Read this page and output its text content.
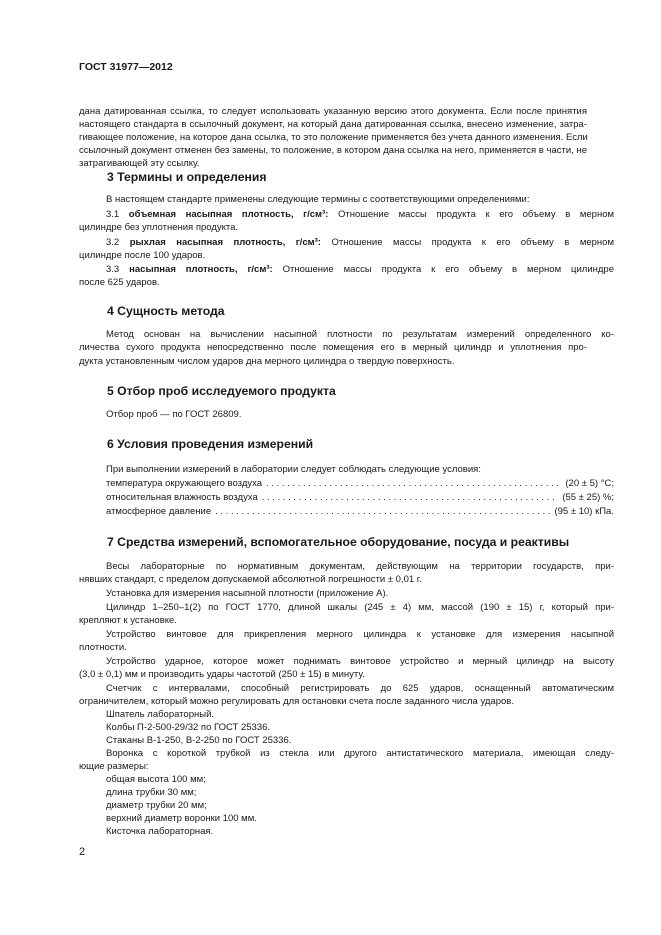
ГОСТ 31977—2012
дана датированная ссылка, то следует использовать указанную версию этого документа. Если после принятия
настоящего стандарта в ссылочный документ, на который дана датированная ссылка, внесено изменение, затра-
гивающее положение, на которое дана ссылка, то это положение применяется без учета данного изменения. Если
ссылочный документ отменен без замены, то положение, в котором дана ссылка на него, применяется в части, не
затрагивающей эту ссылку.
3 Термины и определения
В настоящем стандарте применены следующие термины с соответствующими определениями:
3.1 объемная насыпная плотность, г/см³: Отношение массы продукта к его объему в мерном
цилиндре без уплотнения продукта.
3.2 рыхлая насыпная плотность, г/см³: Отношение массы продукта к его объему в мерном
цилиндре после 100 ударов.
3.3 насыпная плотность, г/см³: Отношение массы продукта к его объему в мерном цилиндре
после 625 ударов.
4 Сущность метода
Метод основан на вычислении насыпной плотности по результатам измерений определенного ко-
личества сухого продукта непосредственно после помещения его в мерный цилиндр и уплотнения про-
дукта установленным числом ударов дна мерного цилиндра о твердую поверхность.
5 Отбор проб исследуемого продукта
Отбор проб — по ГОСТ 26809.
6 Условия проведения измерений
При выполнении измерений в лаборатории следует соблюдать следующие условия:
температура окружающего воздуха . . .	(20 ± 5) °С;
относительная влажность воздуха . . .	(55 ± 25) %;
атмосферное давление . . .	(95 ± 10) кПа.
7 Средства измерений, вспомогательное оборудование, посуда и реактивы
Весы лабораторные по нормативным документам, действующим на территории государств, при-
нявших стандарт, с пределом допускаемой абсолютной погрешности ± 0,01 г.
Установка для измерения насыпной плотности (приложение А).
Цилиндр 1–250–1(2) по ГОСТ 1770, длиной шкалы (245 ± 4) мм, массой (190 ± 15) г, который при-
крепляют к установке.
Устройство винтовое для прикрепления мерного цилиндра к установке для измерения насыпной
плотности.
Устройство ударное, которое может поднимать винтовое устройство и мерный цилиндр на высоту
(3,0 ± 0,1) мм и производить удары частотой (250 ± 15) в минуту.
Счетчик с интервалами, способный регистрировать до 625 ударов, оснащенный автоматическим
ограничителем, который можно регулировать для остановки счета после заданного числа ударов.
Шпатель лабораторный.
Колбы П-2-500-29/32 по ГОСТ 25336.
Стаканы В-1-250, В-2-250 по ГОСТ 25336.
Воронка с короткой трубкой из стекла или другого антистатического материала, имеющая следу-
ющие размеры:
общая высота 100 мм;
длина трубки 30 мм;
диаметр трубки 20 мм;
верхний диаметр воронки 100 мм.
Кисточка лабораторная.
2
